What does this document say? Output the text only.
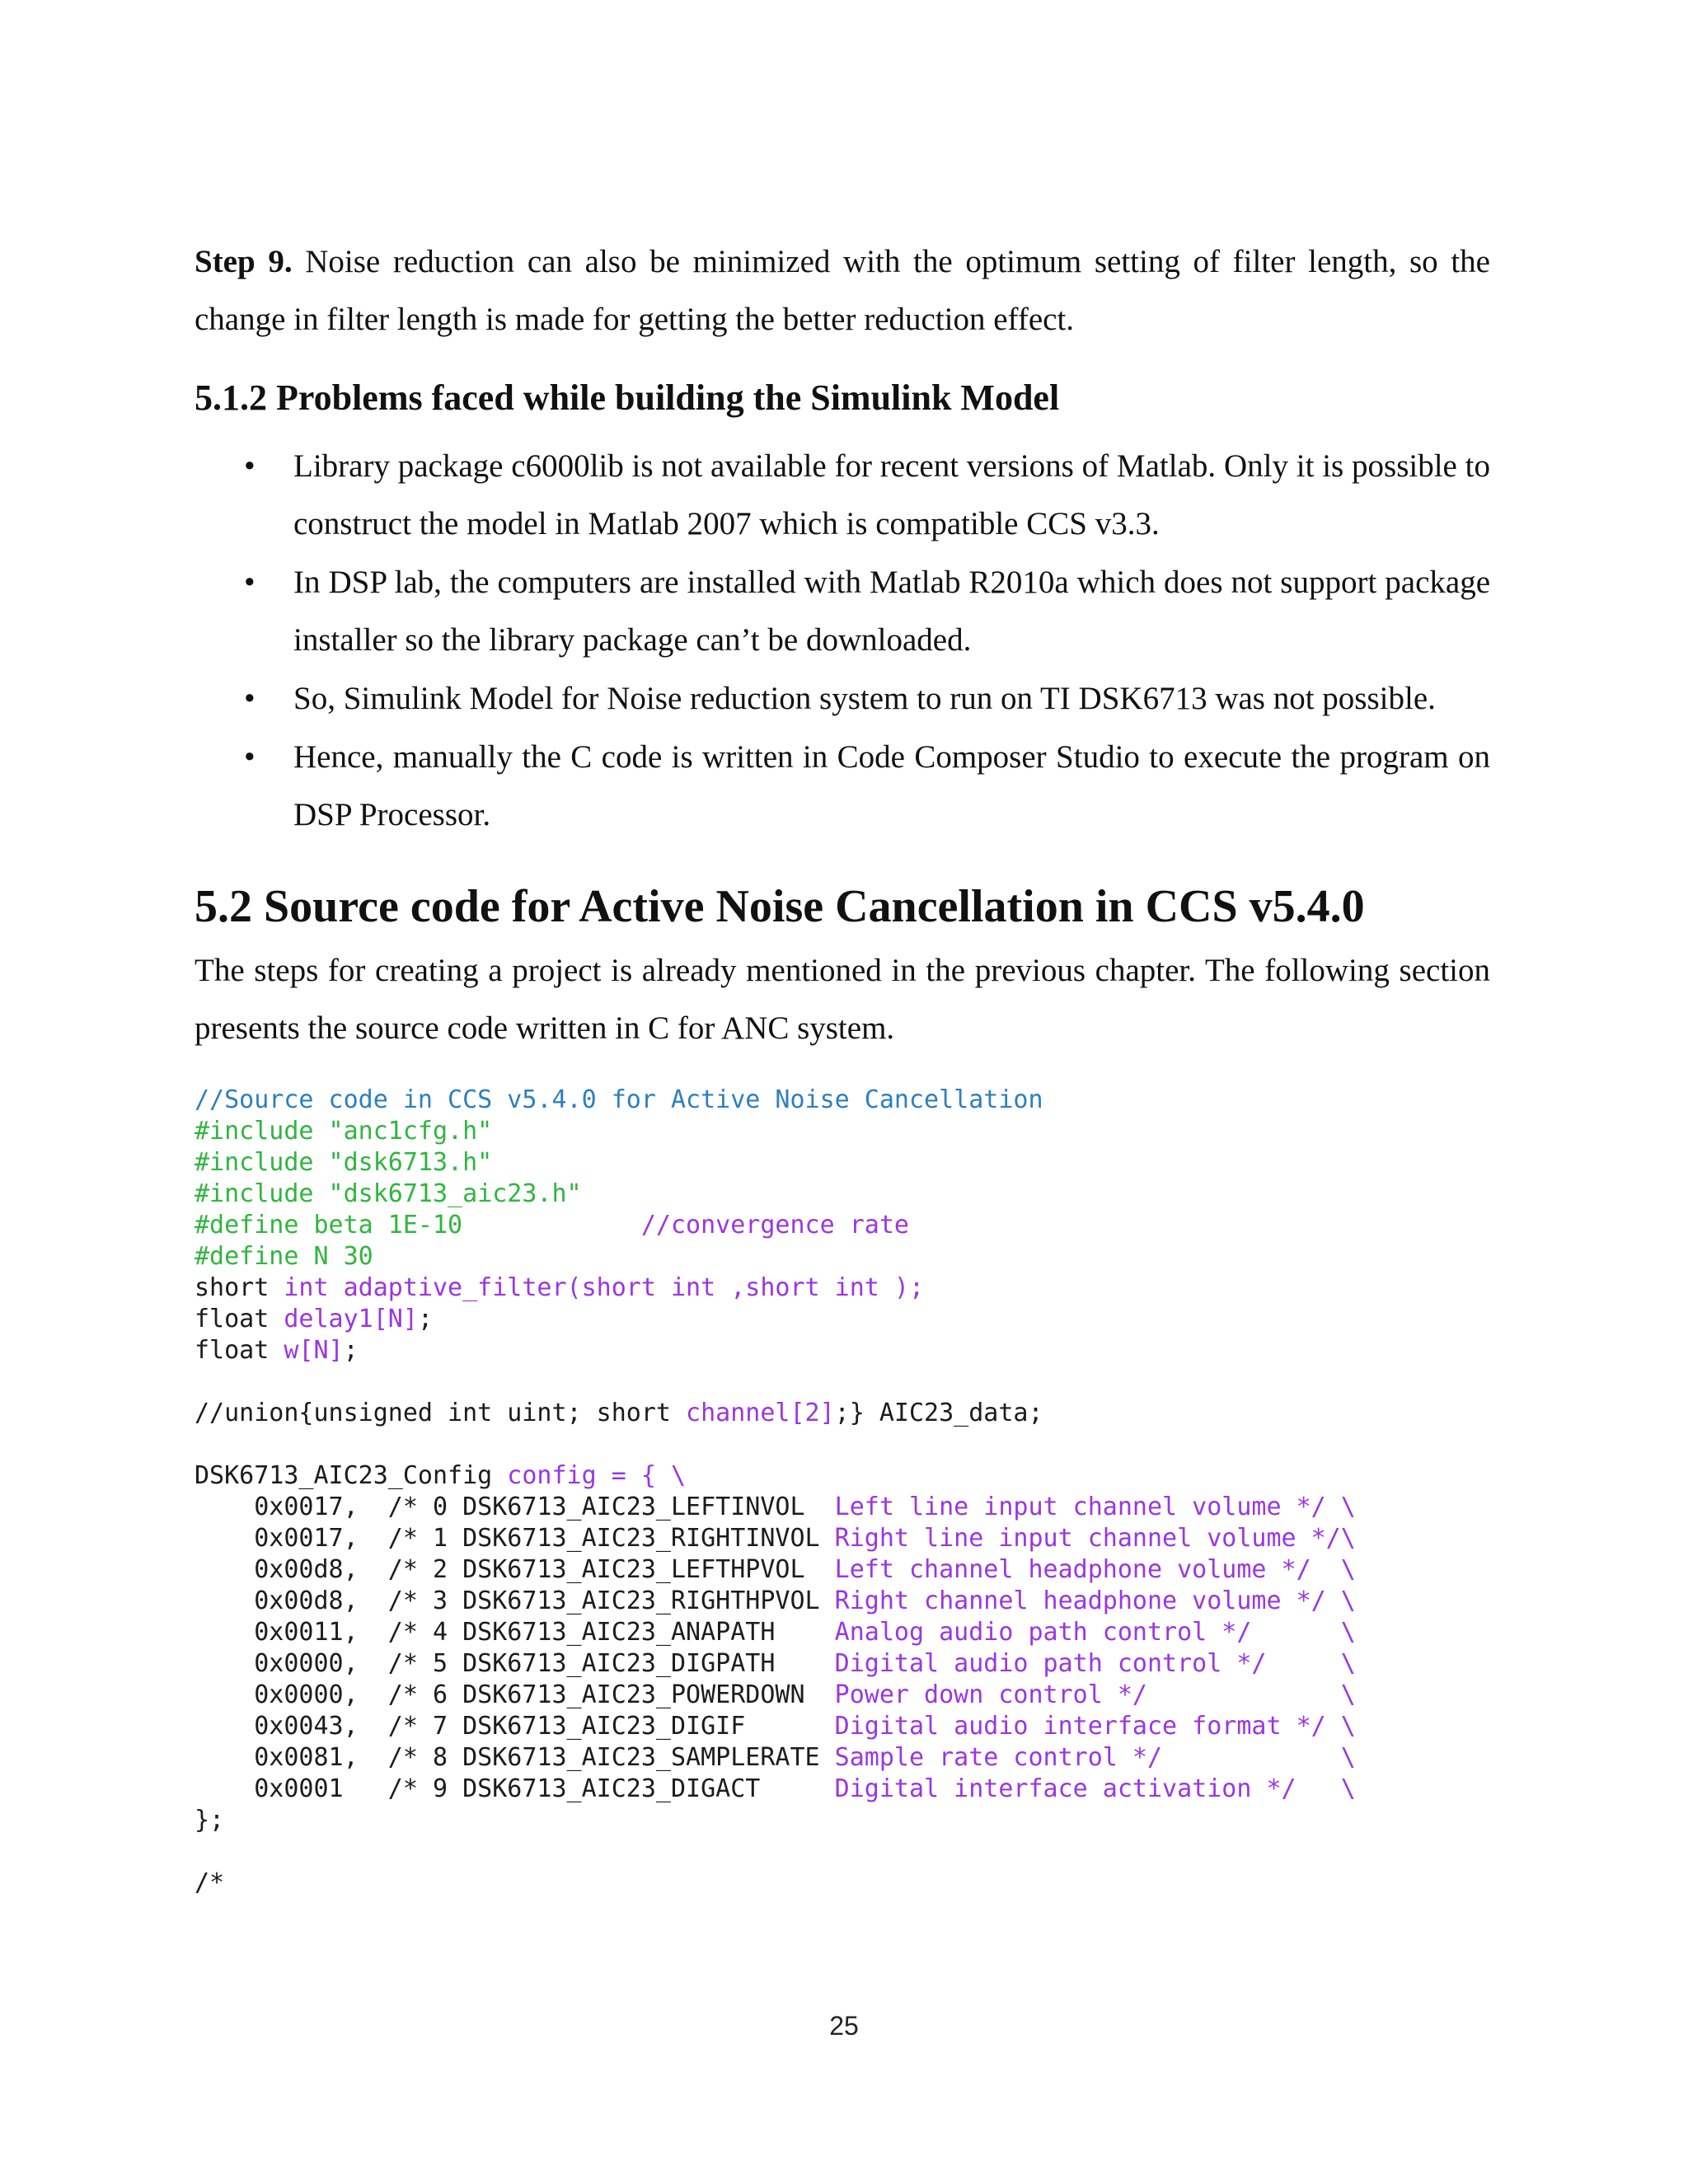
Step 9. Noise reduction can also be minimized with the optimum setting of filter length, so the change in filter length is made for getting the better reduction effect.
5.1.2 Problems faced while building the Simulink Model
•	Library package c6000lib is not available for recent versions of Matlab. Only it is possible to construct the model in Matlab 2007 which is compatible CCS v3.3.
•	In DSP lab, the computers are installed with Matlab R2010a which does not support package installer so the library package can’t be downloaded.
•	So, Simulink Model for Noise reduction system to run on TI DSK6713 was not possible.
•	Hence, manually the C code is written in Code Composer Studio to execute the program on DSP Processor.
5.2 Source code for Active Noise Cancellation in CCS v5.4.0
The steps for creating a project is already mentioned in the previous chapter. The following section presents the source code written in C for ANC system.
//Source code in CCS v5.4.0 for Active Noise Cancellation
#include "anc1cfg.h"
#include "dsk6713.h"
#include "dsk6713_aic23.h"
#define beta 1E-10	//convergence rate
#define N 30
short int adaptive_filter(short int ,short int );
float delay1[N];
float w[N];

//union{unsigned int uint; short channel[2];} AIC23_data;

DSK6713_AIC23_Config config = { \
0x0017,  /* 0 DSK6713_AIC23_LEFTINVOL  Left line input channel volume */ \
0x0017,  /* 1 DSK6713_AIC23_RIGHTINVOL Right line input channel volume */\
0x00d8,  /* 2 DSK6713_AIC23_LEFTHPVOL  Left channel headphone volume */  \
0x00d8,  /* 3 DSK6713_AIC23_RIGHTHPVOL Right channel headphone volume */ \
0x0011,  /* 4 DSK6713_AIC23_ANAPATH    Analog audio path control */      \
0x0000,  /* 5 DSK6713_AIC23_DIGPATH    Digital audio path control */     \
0x0000,  /* 6 DSK6713_AIC23_POWERDOWN  Power down control */             \
0x0043,  /* 7 DSK6713_AIC23_DIGIF      Digital audio interface format */ \
0x0081,  /* 8 DSK6713_AIC23_SAMPLERATE Sample rate control */            \
0x0001   /* 9 DSK6713_AIC23_DIGACT     Digital interface activation */   \
};

/*
25
